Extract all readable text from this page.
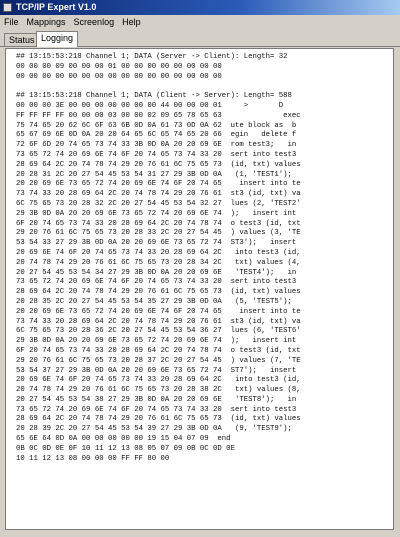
TCP/IP Expert V1.0
File Mappings Screenlog Help
Status Logging
## 13:15:53:218 Channel 1; DATA (Server -> Client): Length= 32
00 00 00 09 00 00 00 01 00 00 00 00 00 00 00 00
00 00 00 00 00 00 00 00 00 00 00 00 00 00 00 00
## 13:15:53:218 Channel 1; DATA (Client -> Server): Length= 588
00 00 00 3E 00 00 00 00 00 00 00 44 00 00 00 01     >       D
FF FF FF FF 00 00 00 03 00 00 02 09 65 78 65 63              exec
75 74 65 20 62 6C 6F 63 6B 0D 0A 61 73 0D 0A 62  ute block as  b
65 67 69 6E 0D 0A 20 20 64 65 6C 65 74 65 20 66  egin   delete f
72 6F 6D 20 74 65 73 74 33 3B 0D 0A 20 20 69 6E  rom test3;   in
73 65 72 74 20 69 6E 74 6F 20 74 65 73 74 33 20  sert into test3
28 69 64 2C 20 74 78 74 29 20 76 61 6C 75 65 73  (id, txt) values
20 28 31 2C 20 27 54 45 53 54 31 27 29 3B 0D 0A   (1, 'TEST1');
20 20 69 6E 73 65 72 74 20 69 6E 74 6F 20 74 65    insert into te
73 74 33 20 28 69 64 2C 20 74 78 74 29 20 76 61  st3 (id, txt) va
6C 75 65 73 20 28 32 2C 20 27 54 45 53 54 32 27  lues (2, 'TEST2'
29 3B 0D 0A 20 20 69 6E 73 65 72 74 20 69 6E 74  );   insert int
6F 20 74 65 73 74 33 20 28 69 64 2C 20 74 78 74  o test3 (id, txt
29 20 76 61 6C 75 65 73 20 28 33 2C 20 27 54 45  ) values (3, 'TE
53 54 33 27 29 3B 0D 0A 20 20 69 6E 73 65 72 74  ST3');   insert
20 69 6E 74 6F 20 74 65 73 74 33 20 28 69 64 2C   into test3 (id,
20 74 78 74 29 20 76 61 6C 75 65 73 20 28 34 2C   txt) values (4,
20 27 54 45 53 54 34 27 29 3B 0D 0A 20 20 69 6E   'TEST4');   in
73 65 72 74 20 69 6E 74 6F 20 74 65 73 74 33 20  sert into test3
28 69 64 2C 20 74 78 74 29 20 76 61 6C 75 65 73  (id, txt) values
20 28 35 2C 20 27 54 45 53 54 35 27 29 3B 0D 0A   (5, 'TEST5');
20 20 69 6E 73 65 72 74 20 69 6E 74 6F 20 74 65    insert into te
73 74 33 20 28 69 64 2C 20 74 78 74 29 20 76 61  st3 (id, txt) va
6C 75 65 73 20 28 36 2C 20 27 54 45 53 54 36 27  lues (6, 'TEST6'
29 3B 0D 0A 20 20 69 6E 73 65 72 74 20 69 6E 74  );   insert int
6F 20 74 65 73 74 33 20 28 69 64 2C 20 74 78 74  o test3 (id, txt
29 20 76 61 6C 75 65 73 20 28 37 2C 20 27 54 45  ) values (7, 'TE
53 54 37 27 29 3B 0D 0A 20 20 69 6E 73 65 72 74  ST7');   insert
20 69 6E 74 6F 20 74 65 73 74 33 20 28 69 64 2C   into test3 (id,
20 74 78 74 29 20 76 61 6C 75 65 73 20 28 38 2C   txt) values (8,
20 27 54 45 53 54 38 27 29 3B 0D 0A 20 20 69 6E   'TEST8');   in
73 65 72 74 20 69 6E 74 6F 20 74 65 73 74 33 20  sert into test3
28 69 64 2C 20 74 78 74 29 20 76 61 6C 75 65 73  (id, txt) values
20 28 39 2C 20 27 54 45 53 54 39 27 29 3B 0D 0A   (9, 'TEST9');
65 6E 64 0D 0A 00 00 00 00 00 19 15 04 07 09  end
0B 0C 0D 0E 0F 10 11 12 13 08 05 07 09 0B 0C 0D 0E
10 11 12 13 08 00 00 00 FF FF 80 00
